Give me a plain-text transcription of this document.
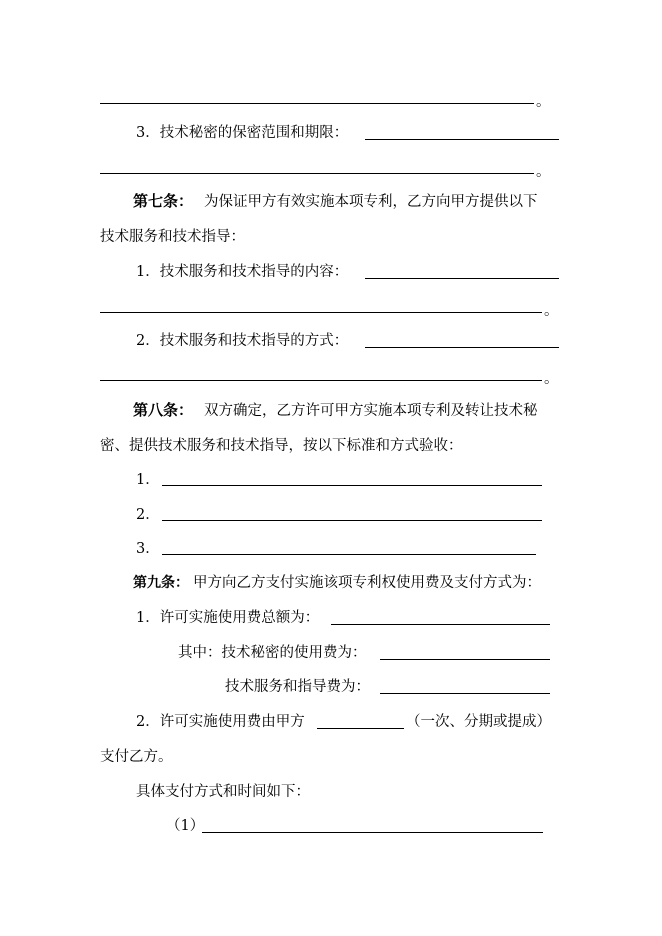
。
3．技术秘密的保密范围和期限：
。
第七条： 为保证甲方有效实施本项专利，乙方向甲方提供以下
技术服务和技术指导：
1．技术服务和技术指导的内容：
。
2．技术服务和技术指导的方式：
。
第八条： 双方确定，乙方许可甲方实施本项专利及转让技术秘
密、提供技术服务和技术指导，按以下标准和方式验收：
1．
2．
3．
第九条： 甲方向乙方支付实施该项专利权使用费及支付方式为：
1．许可实施使用费总额为：
其中：技术秘密的使用费为：
技术服务和指导费为：
2．许可实施使用费由甲方	（一次、分期或提成）
支付乙方。
具体支付方式和时间如下：
（1）
